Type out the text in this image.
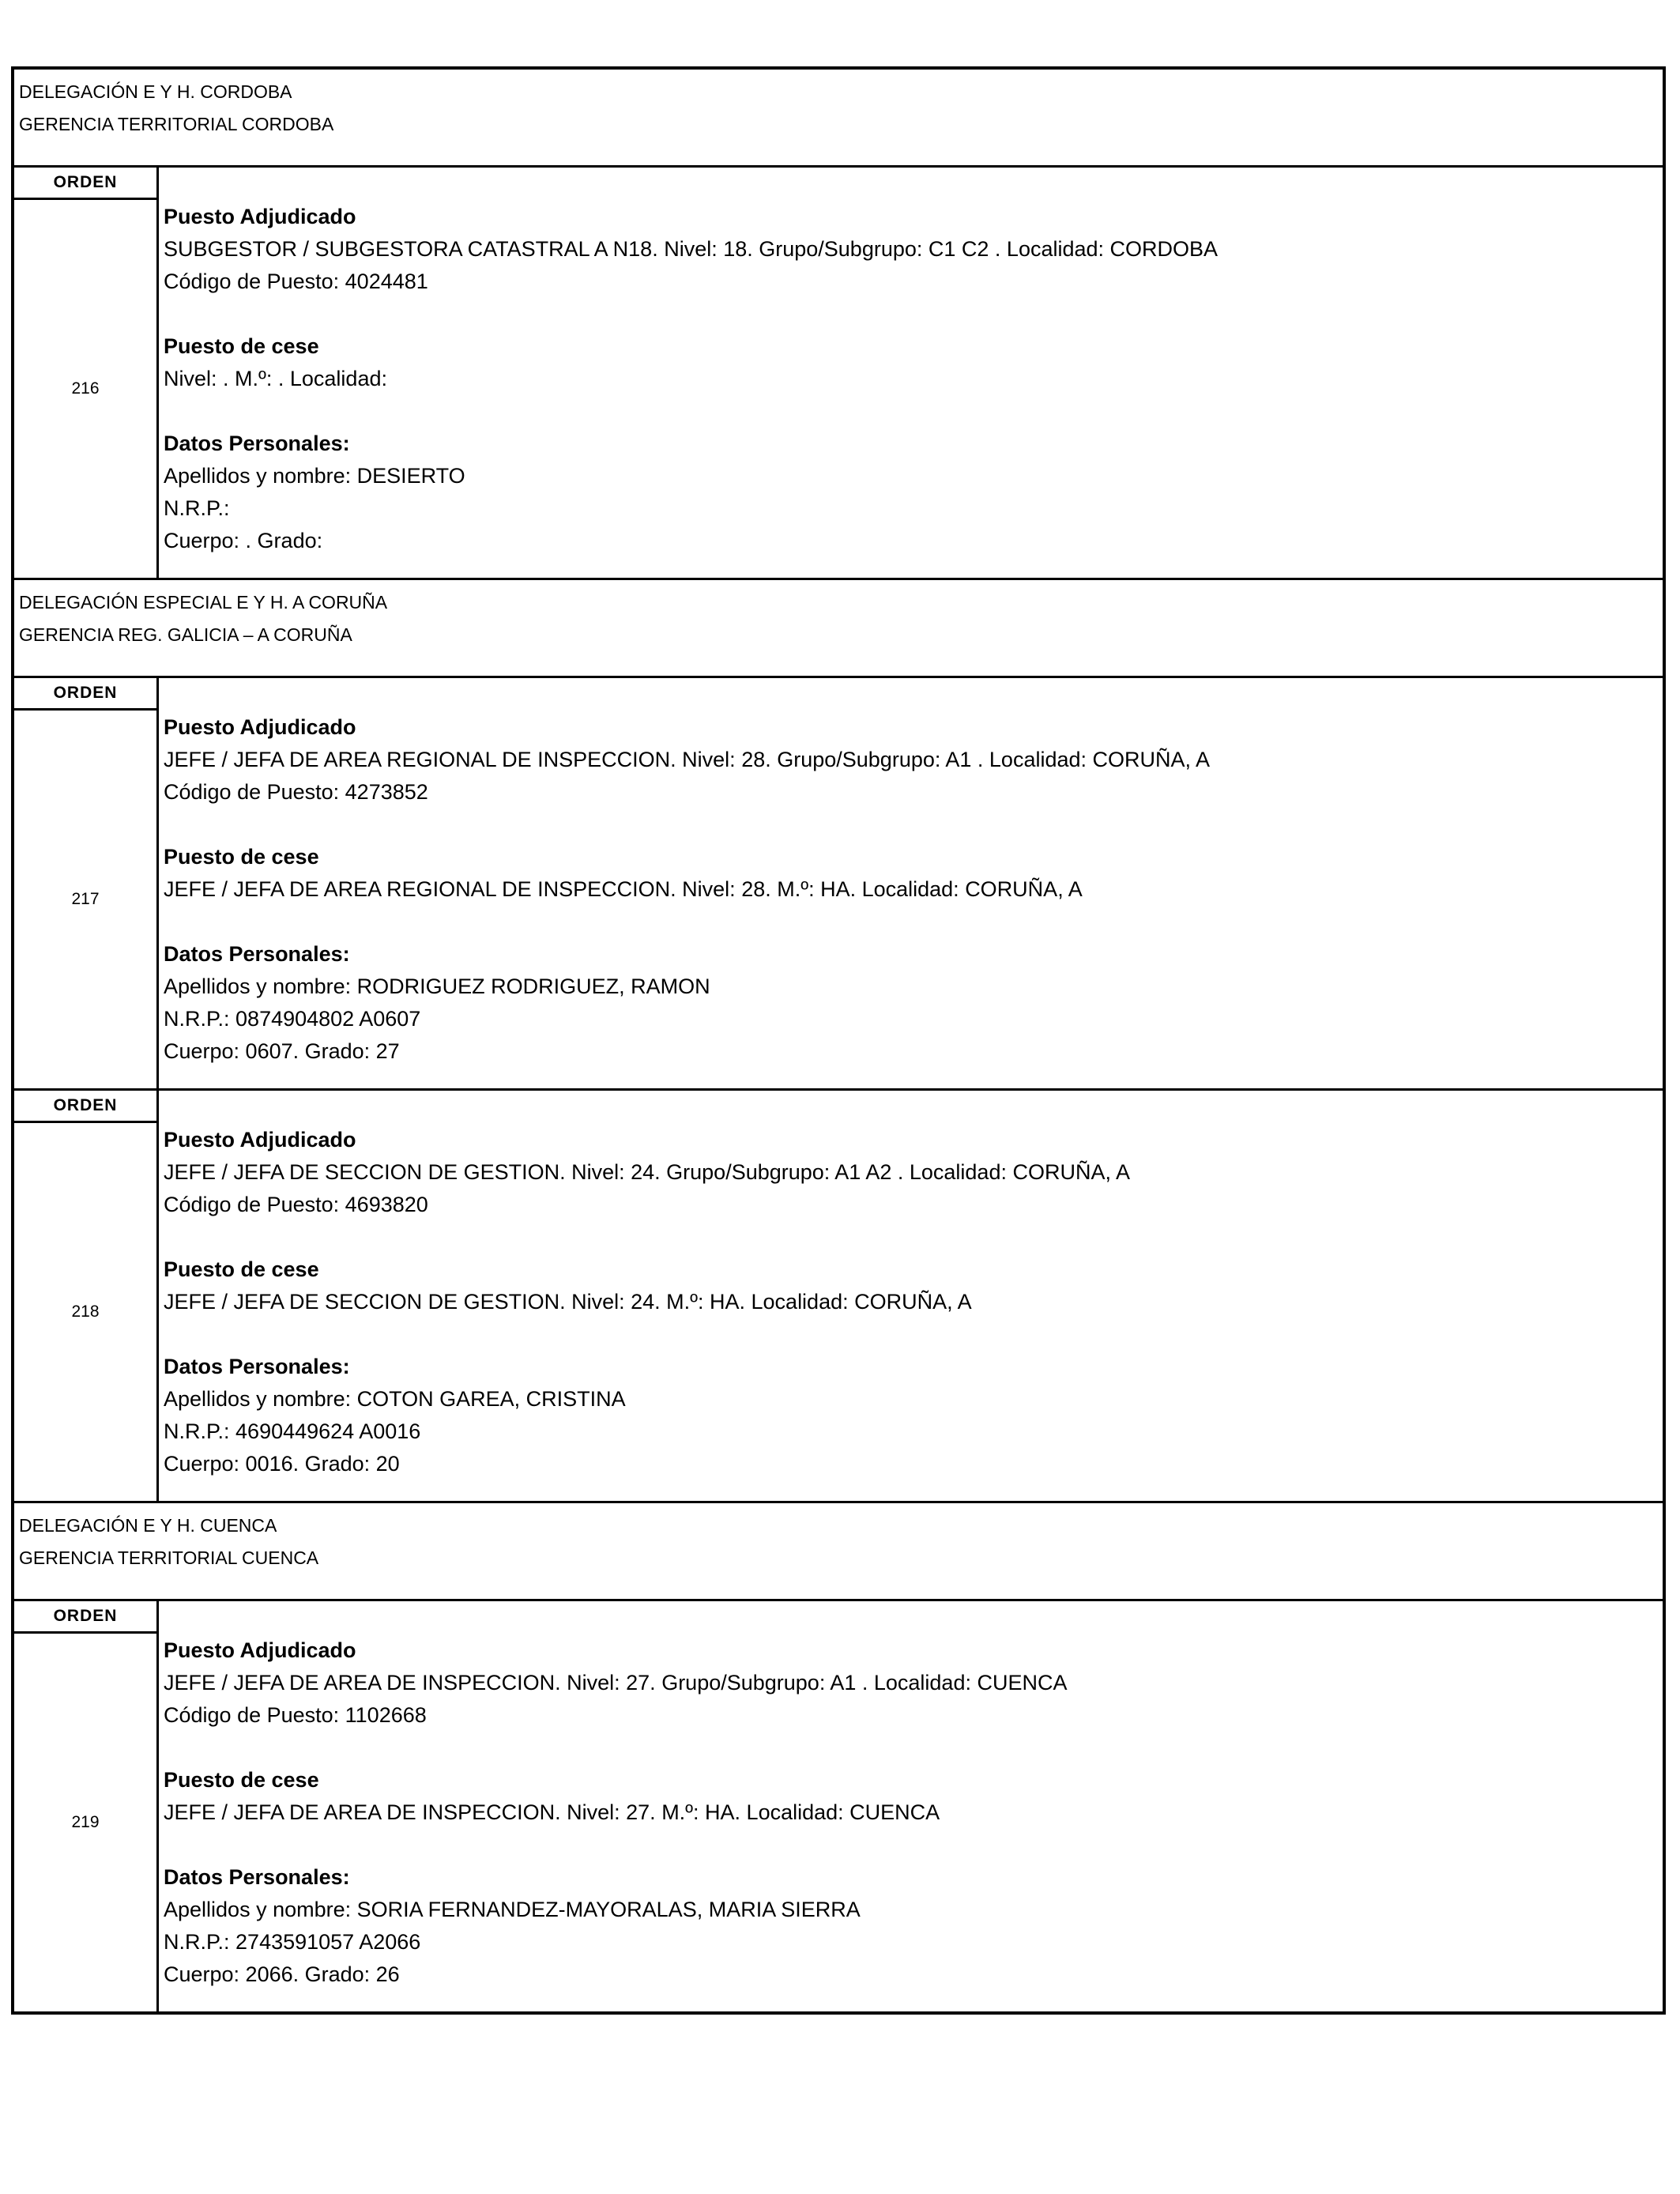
DELEGACIÓN E Y H. CORDOBA
GERENCIA TERRITORIAL CORDOBA
ORDEN
216
Puesto Adjudicado
SUBGESTOR / SUBGESTORA CATASTRAL A N18. Nivel: 18. Grupo/Subgrupo: C1 C2 . Localidad: CORDOBA
Código de Puesto: 4024481
Puesto de cese
Nivel: . M.º: . Localidad:
Datos Personales:
Apellidos y nombre: DESIERTO
N.R.P.:
Cuerpo: . Grado:
DELEGACIÓN ESPECIAL E Y H. A CORUÑA
GERENCIA REG. GALICIA – A CORUÑA
ORDEN
217
Puesto Adjudicado
JEFE / JEFA DE AREA REGIONAL DE INSPECCION. Nivel: 28. Grupo/Subgrupo: A1 . Localidad: CORUÑA, A
Código de Puesto: 4273852
Puesto de cese
JEFE / JEFA DE AREA REGIONAL DE INSPECCION. Nivel: 28. M.º: HA. Localidad: CORUÑA, A
Datos Personales:
Apellidos y nombre: RODRIGUEZ RODRIGUEZ, RAMON
N.R.P.: 0874904802 A0607
Cuerpo: 0607. Grado: 27
ORDEN
218
Puesto Adjudicado
JEFE / JEFA DE SECCION DE GESTION. Nivel: 24. Grupo/Subgrupo: A1 A2 . Localidad: CORUÑA, A
Código de Puesto: 4693820
Puesto de cese
JEFE / JEFA DE SECCION DE GESTION. Nivel: 24. M.º: HA. Localidad: CORUÑA, A
Datos Personales:
Apellidos y nombre: COTON GAREA, CRISTINA
N.R.P.: 4690449624 A0016
Cuerpo: 0016. Grado: 20
DELEGACIÓN E Y H. CUENCA
GERENCIA TERRITORIAL CUENCA
ORDEN
219
Puesto Adjudicado
JEFE / JEFA DE AREA DE INSPECCION. Nivel: 27. Grupo/Subgrupo: A1 . Localidad: CUENCA
Código de Puesto: 1102668
Puesto de cese
JEFE / JEFA DE AREA DE INSPECCION. Nivel: 27. M.º: HA. Localidad: CUENCA
Datos Personales:
Apellidos y nombre: SORIA FERNANDEZ-MAYORALAS, MARIA SIERRA
N.R.P.: 2743591057 A2066
Cuerpo: 2066. Grado: 26
